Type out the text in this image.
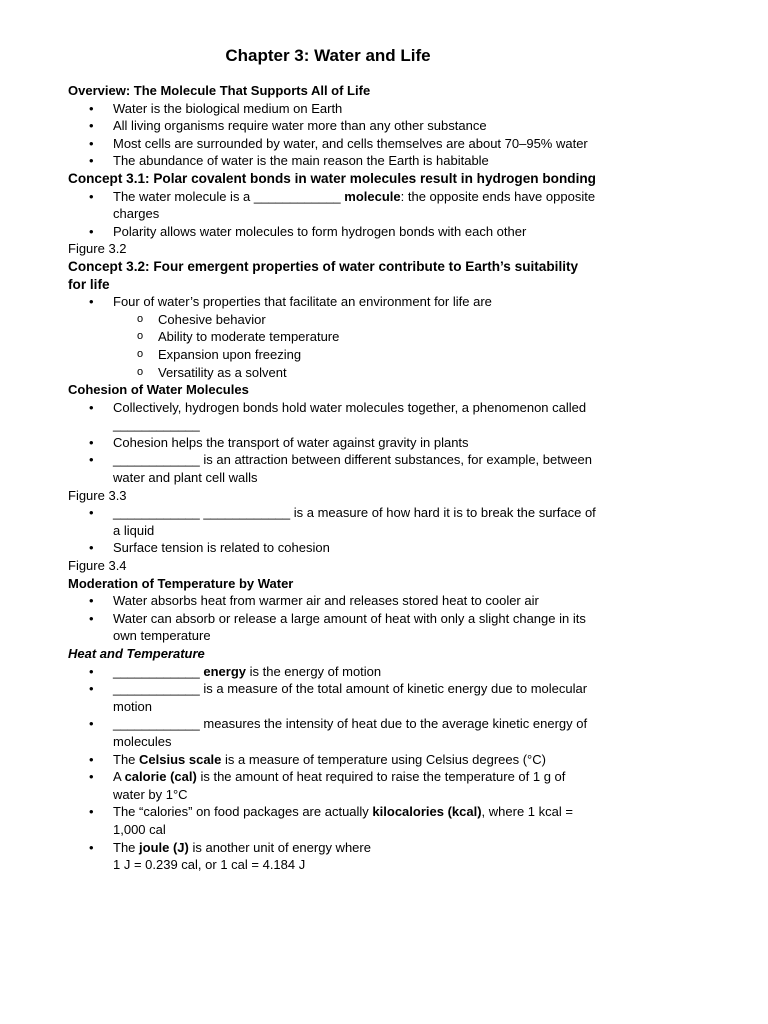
Chapter 3: Water and Life

Overview: The Molecule That Supports All of Life

• Water is the biological medium on Earth
• All living organisms require water more than any other substance
• Most cells are surrounded by water, and cells themselves are about 70–95% water
• The abundance of water is the main reason the Earth is habitable

Concept 3.1: Polar covalent bonds in water molecules result in hydrogen bonding

• The water molecule is a ____________ molecule: the opposite ends have opposite charges
• Polarity allows water molecules to form hydrogen bonds with each other

Figure 3.2

Concept 3.2: Four emergent properties of water contribute to Earth’s suitability for life

• Four of water’s properties that facilitate an environment for life are
o Cohesive behavior
o Ability to moderate temperature
o Expansion upon freezing
o Versatility as a solvent

Cohesion of Water Molecules

• Collectively, hydrogen bonds hold water molecules together, a phenomenon called ____________
• Cohesion helps the transport of water against gravity in plants
• ____________ is an attraction between different substances, for example, between water and plant cell walls

Figure 3.3

• ____________ ____________ is a measure of how hard it is to break the surface of a liquid
• Surface tension is related to cohesion

Figure 3.4

Moderation of Temperature by Water

• Water absorbs heat from warmer air and releases stored heat to cooler air
• Water can absorb or release a large amount of heat with only a slight change in its own temperature

Heat and Temperature

• ____________ energy is the energy of motion
• ____________ is a measure of the total amount of kinetic energy due to molecular motion
• ____________ measures the intensity of heat due to the average kinetic energy of molecules
• The Celsius scale is a measure of temperature using Celsius degrees (°C)
• A calorie (cal) is the amount of heat required to raise the temperature of 1 g of water by 1°C
• The “calories” on food packages are actually kilocalories (kcal), where 1 kcal = 1,000 cal
• The joule (J) is another unit of energy where
1 J = 0.239 cal, or 1 cal = 4.184 J
